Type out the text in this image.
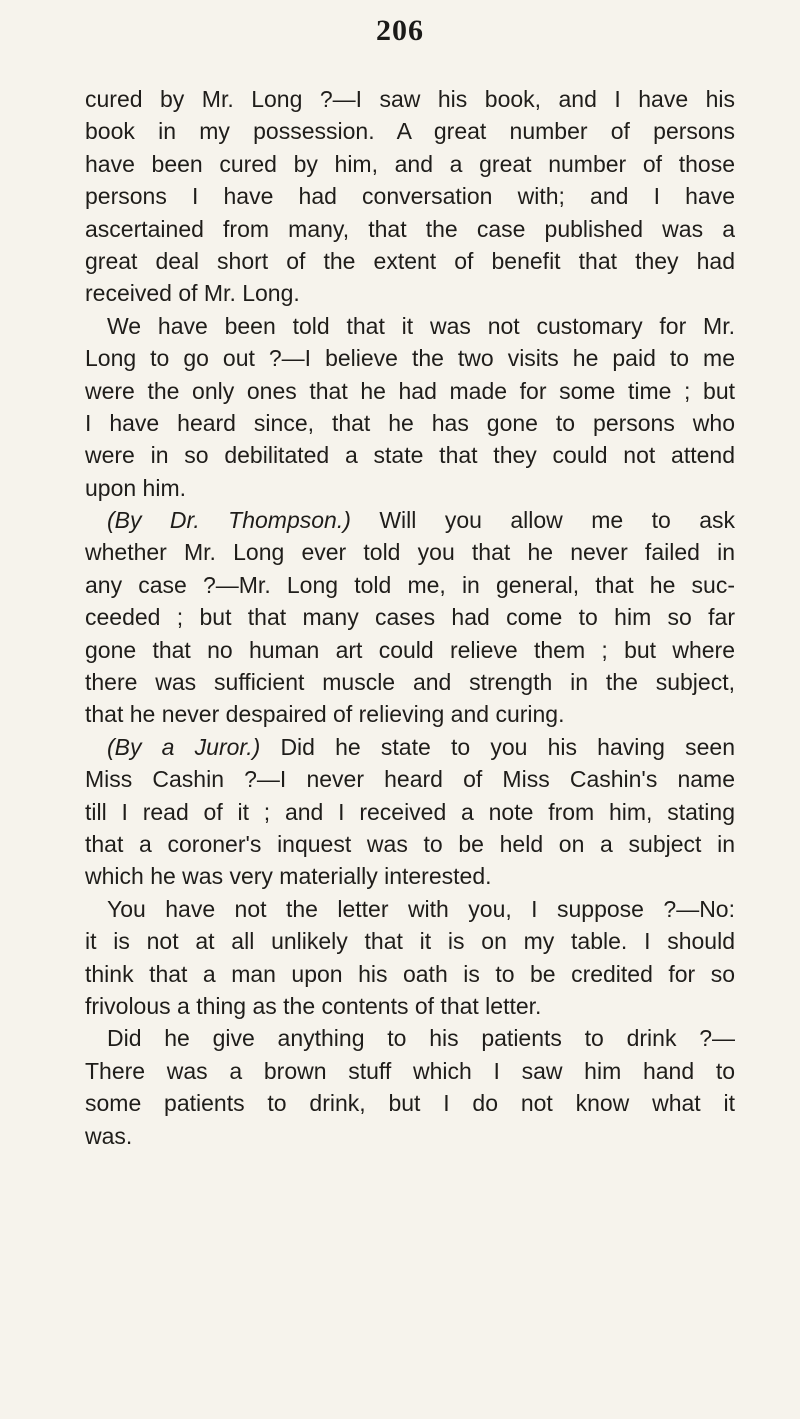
206
cured by Mr. Long ?—I saw his book, and I have his
book in my possession. A great number of persons
have been cured by him, and a great number of those
persons I have had conversation with; and I have
ascertained from many, that the case published was a
great deal short of the extent of benefit that they had
received of Mr. Long.
We have been told that it was not customary for Mr.
Long to go out ?—I believe the two visits he paid to me
were the only ones that he had made for some time ; but
I have heard since, that he has gone to persons who
were in so debilitated a state that they could not attend
upon him.
(By Dr. Thompson.) Will you allow me to ask
whether Mr. Long ever told you that he never failed in
any case ?—Mr. Long told me, in general, that he suc-
ceeded ; but that many cases had come to him so far
gone that no human art could relieve them ; but where
there was sufficient muscle and strength in the subject,
that he never despaired of relieving and curing.
(By a Juror.) Did he state to you his having seen
Miss Cashin ?—I never heard of Miss Cashin's name
till I read of it ; and I received a note from him, stating
that a coroner's inquest was to be held on a subject in
which he was very materially interested.
You have not the letter with you, I suppose ?—No:
it is not at all unlikely that it is on my table. I should
think that a man upon his oath is to be credited for so
frivolous a thing as the contents of that letter.
Did he give anything to his patients to drink ?—
There was a brown stuff which I saw him hand to
some patients to drink, but I do not know what it
was.
